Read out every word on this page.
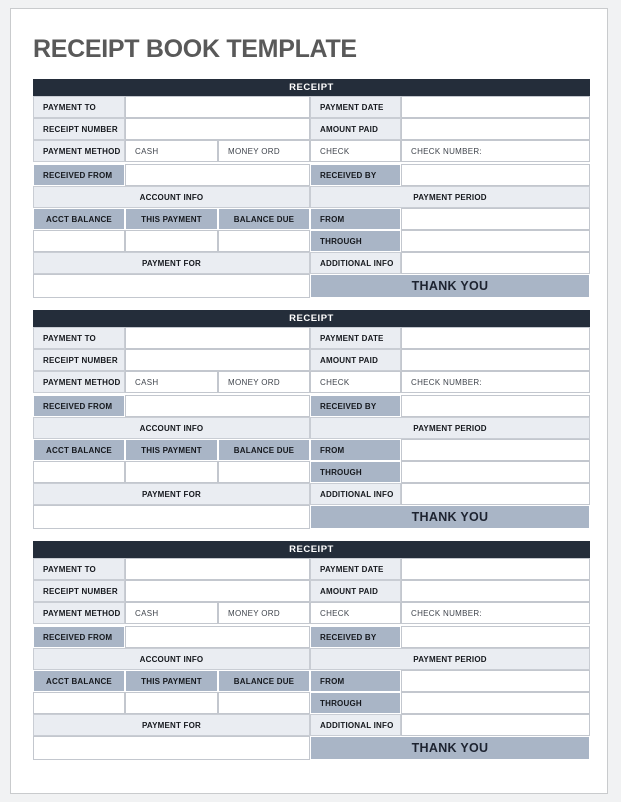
RECEIPT BOOK TEMPLATE
RECEIPT
PAYMENT TO	PAYMENT DATE
RECEIPT NUMBER	AMOUNT PAID
PAYMENT METHOD	CASH	MONEY ORD	CHECK	CHECK NUMBER:
RECEIVED FROM	RECEIVED BY
ACCOUNT INFO	PAYMENT PERIOD
ACCT BALANCE	THIS PAYMENT	BALANCE DUE	FROM
THROUGH
PAYMENT FOR	ADDITIONAL INFO
THANK YOU
RECEIPT
PAYMENT TO	PAYMENT DATE
RECEIPT NUMBER	AMOUNT PAID
PAYMENT METHOD	CASH	MONEY ORD	CHECK	CHECK NUMBER:
RECEIVED FROM	RECEIVED BY
ACCOUNT INFO	PAYMENT PERIOD
ACCT BALANCE	THIS PAYMENT	BALANCE DUE	FROM
THROUGH
PAYMENT FOR	ADDITIONAL INFO
THANK YOU
RECEIPT
PAYMENT TO	PAYMENT DATE
RECEIPT NUMBER	AMOUNT PAID
PAYMENT METHOD	CASH	MONEY ORD	CHECK	CHECK NUMBER:
RECEIVED FROM	RECEIVED BY
ACCOUNT INFO	PAYMENT PERIOD
ACCT BALANCE	THIS PAYMENT	BALANCE DUE	FROM
THROUGH
PAYMENT FOR	ADDITIONAL INFO
THANK YOU
